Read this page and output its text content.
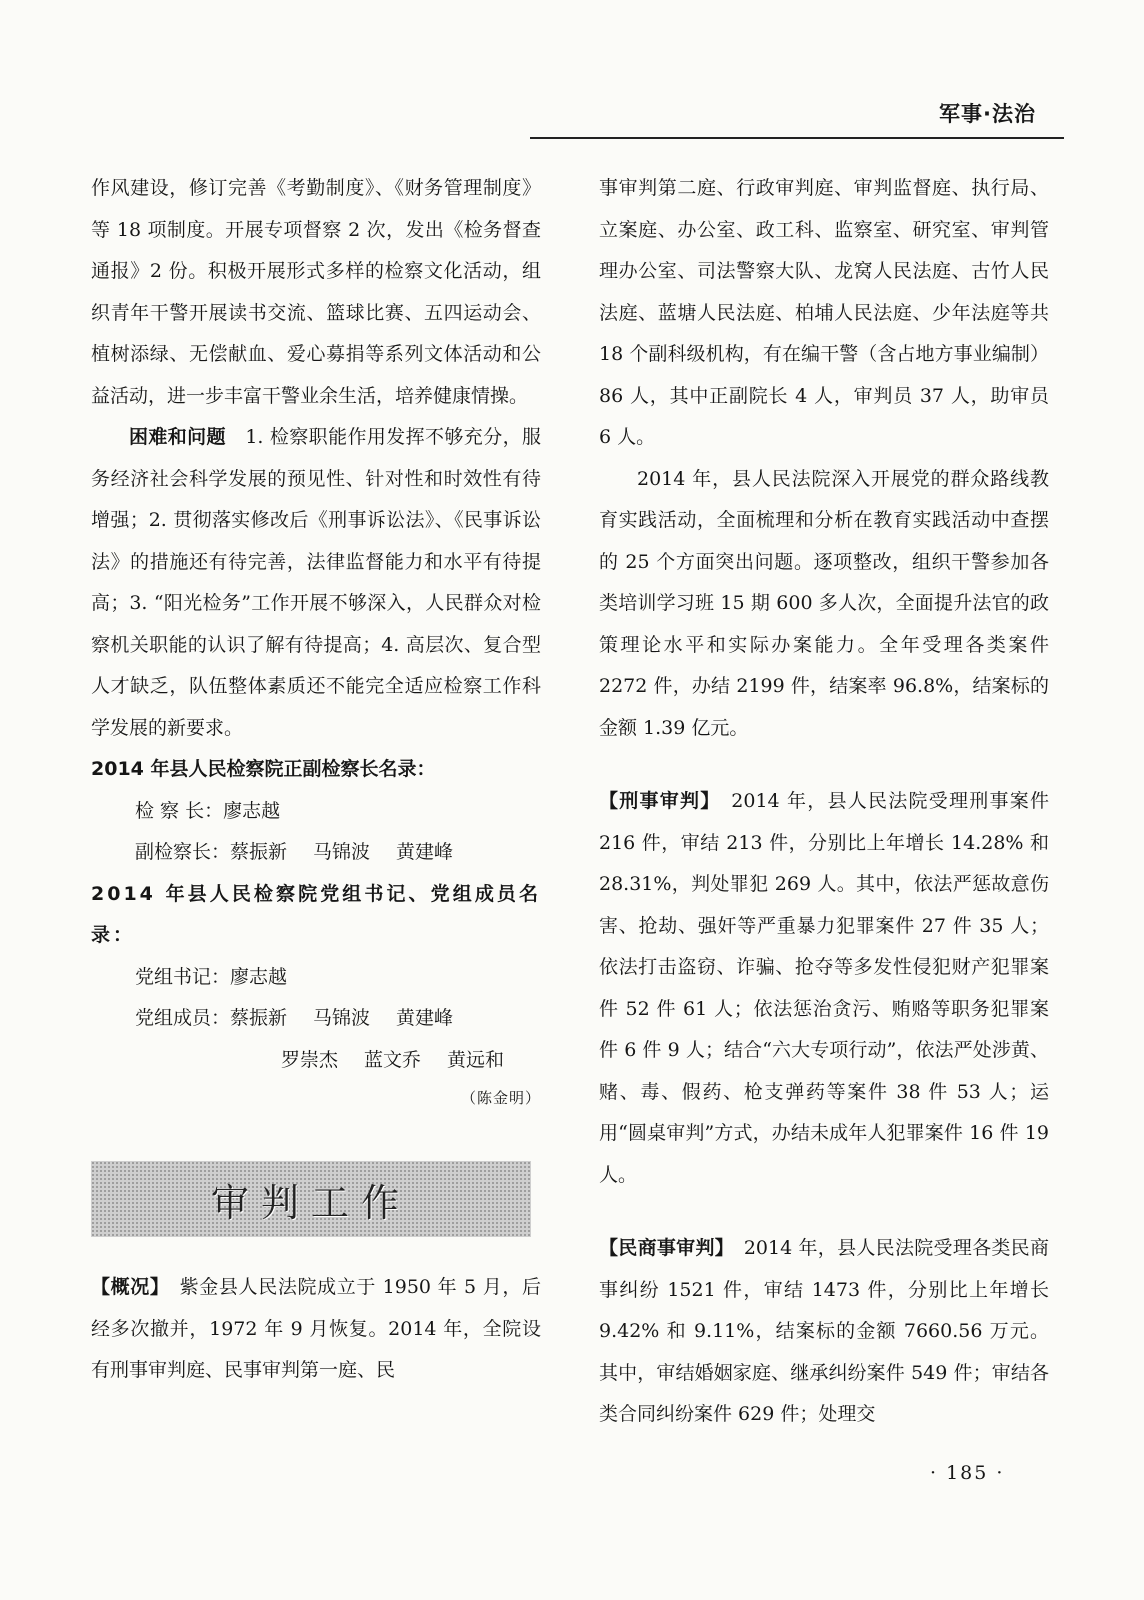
军事·法治

作风建设，修订完善《考勤制度》、《财务管理制度》等 18 项制度。开展专项督察 2 次，发出《检务督查通报》2 份。积极开展形式多样的检察文化活动，组织青年干警开展读书交流、篮球比赛、五四运动会、植树添绿、无偿献血、爱心募捐等系列文体活动和公益活动，进一步丰富干警业余生活，培养健康情操。

困难和问题　 1. 检察职能作用发挥不够充分，服务经济社会科学发展的预见性、针对性和时效性有待增强；2. 贯彻落实修改后《刑事诉讼法》、《民事诉讼法》的措施还有待完善，法律监督能力和水平有待提高；3. “阳光检务”工作开展不够深入，人民群众对检察机关职能的认识了解有待提高；4. 高层次、复合型人才缺乏，队伍整体素质还不能完全适应检察工作科学发展的新要求。

2014 年县人民检察院正副检察长名录：

检 察 长：廖志越

副检察长：蔡振新 马锦波 黄建峰

2014 年县人民检察院党组书记、党组成员名录：

党组书记：廖志越

党组成员：蔡振新 马锦波 黄建峰

罗崇杰 蓝文乔 黄远和

（陈金明）

审判工作

【概况】　 紫金县人民法院成立于 1950 年 5 月，后经多次撤并，1972 年 9 月恢复。2014 年，全院设有刑事审判庭、民事审判第一庭、民

事审判第二庭、行政审判庭、审判监督庭、执行局、立案庭、办公室、政工科、监察室、研究室、审判管理办公室、司法警察大队、龙窝人民法庭、古竹人民法庭、蓝塘人民法庭、柏埔人民法庭、少年法庭等共 18 个副科级机构，有在编干警（含占地方事业编制）86 人，其中正副院长 4 人，审判员 37 人，助审员 6 人。

2014 年，县人民法院深入开展党的群众路线教育实践活动，全面梳理和分析在教育实践活动中查摆的 25 个方面突出问题。逐项整改，组织干警参加各类培训学习班 15 期 600 多人次，全面提升法官的政策理论水平和实际办案能力。全年受理各类案件 2272 件，办结 2199 件，结案率 96.8%，结案标的金额 1.39 亿元。

【刑事审判】　 2014 年，县人民法院受理刑事案件 216 件，审结 213 件，分别比上年增长 14.28% 和 28.31%，判处罪犯 269 人。其中，依法严惩故意伤害、抢劫、强奸等严重暴力犯罪案件 27 件 35 人；依法打击盗窃、诈骗、抢夺等多发性侵犯财产犯罪案件 52 件 61 人；依法惩治贪污、贿赂等职务犯罪案件 6 件 9 人；结合“六大专项行动”，依法严处涉黄、赌、毒、假药、枪支弹药等案件 38 件 53 人；运用“圆桌审判”方式，办结未成年人犯罪案件 16 件 19 人。

【民商事审判】　 2014 年，县人民法院受理各类民商事纠纷 1521 件，审结 1473 件，分别比上年增长 9.42% 和 9.11%，结案标的金额 7660.56 万元。其中，审结婚姻家庭、继承纠纷案件 549 件；审结各类合同纠纷案件 629 件；处理交

· 185 ·
